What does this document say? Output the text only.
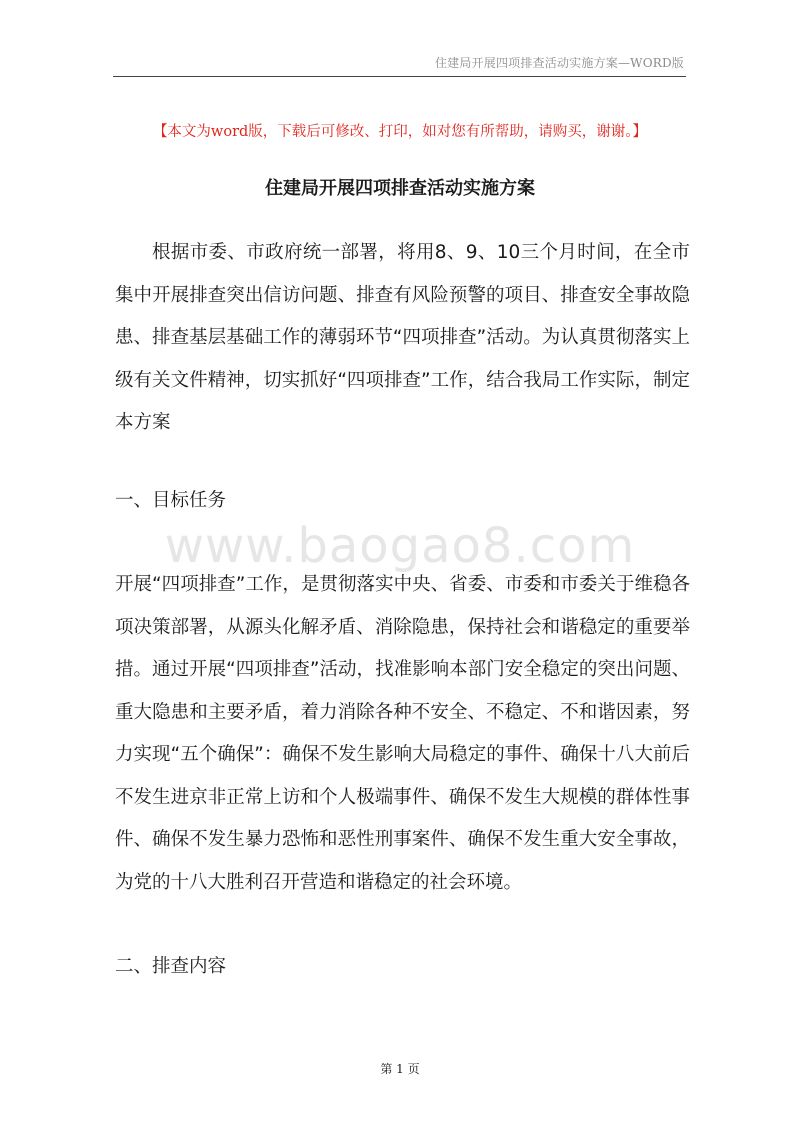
住建局开展四项排查活动实施方案—WORD版
【本文为word版，下载后可修改、打印，如对您有所帮助，请购买，谢谢。】
住建局开展四项排查活动实施方案
根据市委、市政府统一部署，将用8、9、10三个月时间，在全市集中开展排查突出信访问题、排查有风险预警的项目、排查安全事故隐患、排查基层基础工作的薄弱环节“四项排查”活动。为认真贯彻落实上级有关文件精神，切实抓好“四项排查”工作，结合我局工作实际，制定本方案
一、目标任务
www.baogao8.com
开展“四项排查”工作，是贯彻落实中央、省委、市委和市委关于维稳各项决策部署，从源头化解矛盾、消除隐患，保持社会和谐稳定的重要举措。通过开展“四项排查”活动，找准影响本部门安全稳定的突出问题、重大隐患和主要矛盾，着力消除各种不安全、不稳定、不和谐因素，努力实现“五个确保”：确保不发生影响大局稳定的事件、确保十八大前后不发生进京非正常上访和个人极端事件、确保不发生大规模的群体性事件、确保不发生暴力恐怖和恶性刑事案件、确保不发生重大安全事故，为党的十八大胜利召开营造和谐稳定的社会环境。
二、排查内容
第 1 页
